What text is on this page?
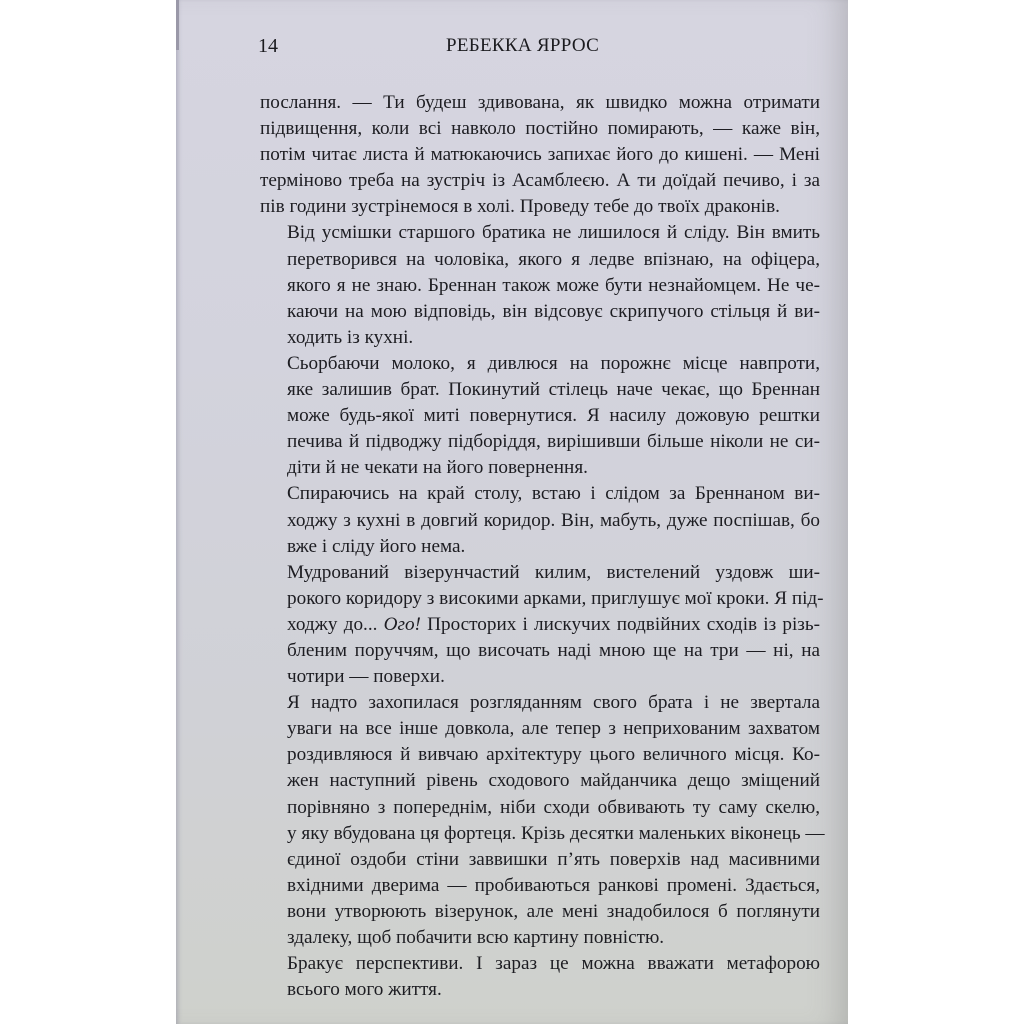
14	РЕБЕККА ЯРРОС

послання. — Ти будеш здивована, як швидко можна отримати
підвищення, коли всі навколо постійно помирають, — каже він,
потім читає листа й матюкаючись запихає його до кишені. — Мені
терміново треба на зустріч із Асамблеєю. А ти доїдай печиво, і за
пів години зустрінемося в холі. Проведу тебе до твоїх драконів.

Від усмішки старшого братика не лишилося й сліду. Він вмить
перетворився на чоловіка, якого я ледве впізнаю, на офіцера,
якого я не знаю. Бреннан також може бути незнайомцем. Не че-
каючи на мою відповідь, він відсовує скрипучого стільця й ви-
ходить із кухні.

Сьорбаючи молоко, я дивлюся на порожнє місце навпроти,
яке залишив брат. Покинутий стілець наче чекає, що Бреннан
може будь-якої миті повернутися. Я насилу дожовую рештки
печива й підводжу підборіддя, вирішивши більше ніколи не си-
діти й не чекати на його повернення.

Спираючись на край столу, встаю і слідом за Бреннаном ви-
ходжу з кухні в довгий коридор. Він, мабуть, дуже поспішав, бо
вже і сліду його нема.

Мудрований візерунчастий килим, вистелений уздовж ши-
рокого коридору з високими арками, приглушує мої кроки. Я під-
ходжу до... Ого! Просторих і лискучих подвійних сходів із різь-
бленим поруччям, що височать наді мною ще на три — ні, на
чотири — поверхи.

Я надто захопилася розгляданням свого брата і не звертала
уваги на все інше довкола, але тепер з неприхованим захватом
роздивляюся й вивчаю архітектуру цього величного місця. Ко-
жен наступний рівень сходового майданчика дещо зміщений
порівняно з попереднім, ніби сходи обвивають ту саму скелю,
у яку вбудована ця фортеця. Крізь десятки маленьких віконець —
єдиної оздоби стіни заввишки п’ять поверхів над масивними
вхідними дверима — пробиваються ранкові промені. Здається,
вони утворюють візерунок, але мені знадобилося б поглянути
здалеку, щоб побачити всю картину повністю.

Бракує перспективи. І зараз це можна вважати метафорою
всього мого життя.
